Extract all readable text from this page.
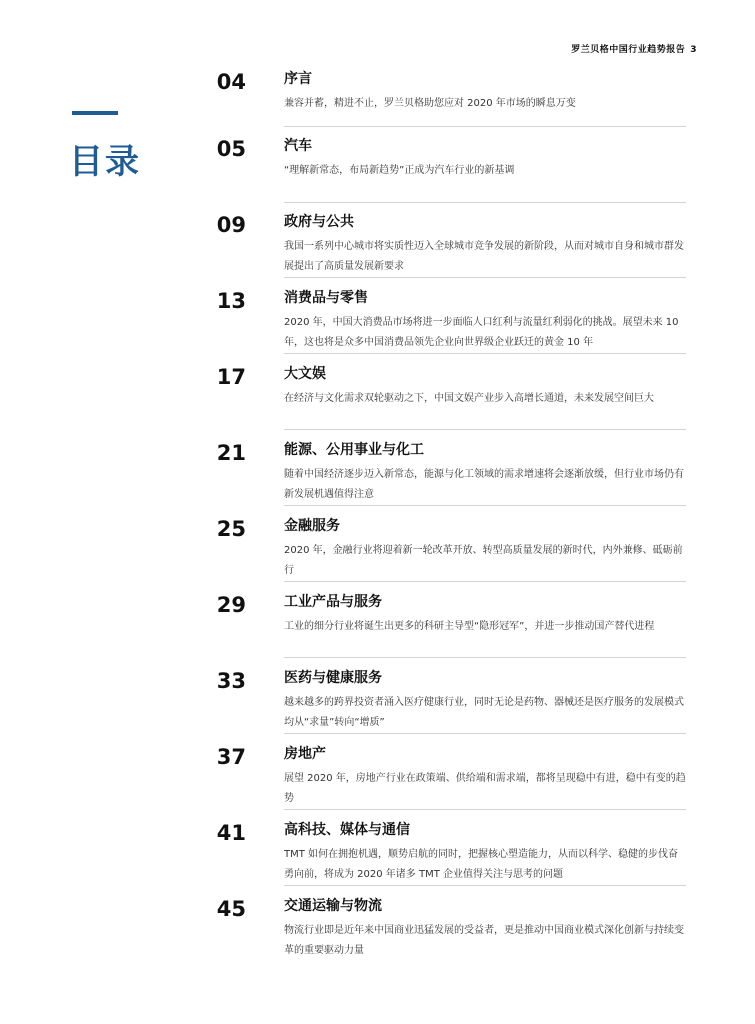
罗兰贝格中国行业趋势报告 3
目录
04	序言
兼容并蓄，精进不止，罗兰贝格助您应对 2020 年市场的瞬息万变
05	汽车
“理解新常态，布局新趋势”正成为汽车行业的新基调
09	政府与公共
我国一系列中心城市将实质性迈入全球城市竞争发展的新阶段，从而对城市自身和城市群发展提出了高质量发展新要求
13	消费品与零售
2020 年，中国大消费品市场将进一步面临人口红利与流量红利弱化的挑战。展望未来 10 年，这也将是众多中国消费品领先企业向世界级企业跃迁的黄金 10 年
17	大文娱
在经济与文化需求双轮驱动之下，中国文娱产业步入高增长通道，未来发展空间巨大
21	能源、公用事业与化工
随着中国经济逐步迈入新常态，能源与化工领域的需求增速将会逐渐放缓，但行业市场仍有新发展机遇值得注意
25	金融服务
2020 年，金融行业将迎着新一轮改革开放、转型高质量发展的新时代，内外兼修、砥砺前行
29	工业产品与服务
工业的细分行业将诞生出更多的科研主导型“隐形冠军”，并进一步推动国产替代进程
33	医药与健康服务
越来越多的跨界投资者涌入医疗健康行业，同时无论是药物、器械还是医疗服务的发展模式均从“求量”转向“增质”
37	房地产
展望 2020 年，房地产行业在政策端、供给端和需求端，都将呈现稳中有进，稳中有变的趋势
41	高科技、媒体与通信
TMT 如何在拥抱机遇，顺势启航的同时，把握核心塑造能力，从而以科学、稳健的步伐奋勇向前，将成为 2020 年诸多 TMT 企业值得关注与思考的问题
45	交通运输与物流
物流行业即是近年来中国商业迅猛发展的受益者，更是推动中国商业模式深化创新与持续变革的重要驱动力量
